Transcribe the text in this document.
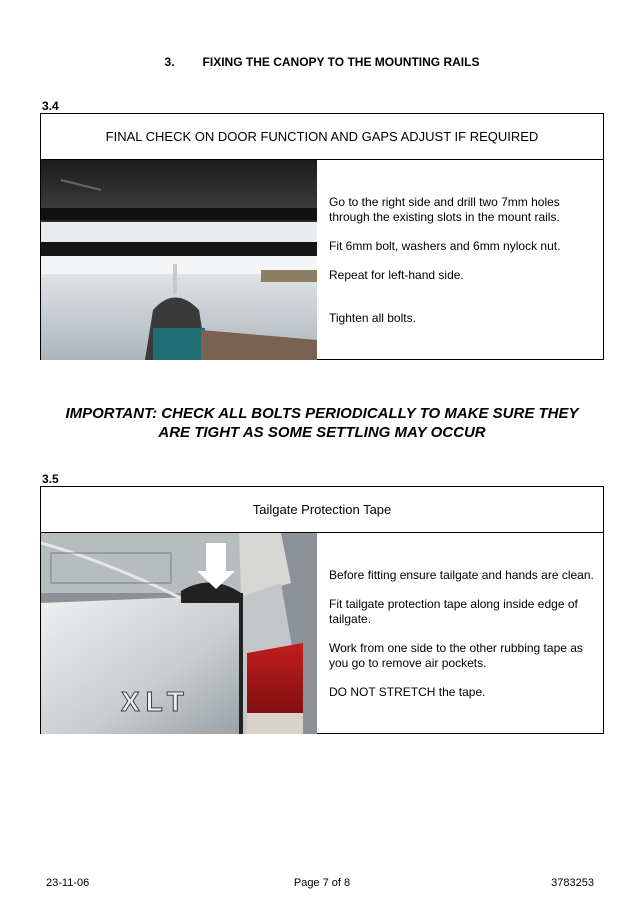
3. FIXING THE CANOPY TO THE MOUNTING RAILS
3.4
FINAL CHECK ON DOOR FUNCTION AND GAPS ADJUST IF REQUIRED

Go to the right side and drill two 7mm holes through the existing slots in the mount rails.

Fit 6mm bolt, washers and 6mm nylock nut.

Repeat for left-hand side.

Tighten all bolts.

IMPORTANT: CHECK ALL BOLTS PERIODICALLY TO MAKE SURE THEY
ARE TIGHT AS SOME SETTLING MAY OCCUR
3.5
Tailgate Protection Tape
XLT

Before fitting ensure tailgate and hands are clean.

Fit tailgate protection tape along inside edge of tailgate.

Work from one side to the other rubbing tape as you go to remove air pockets.

DO NOT STRETCH the tape.

23-11-06	Page 7 of 8	3783253
